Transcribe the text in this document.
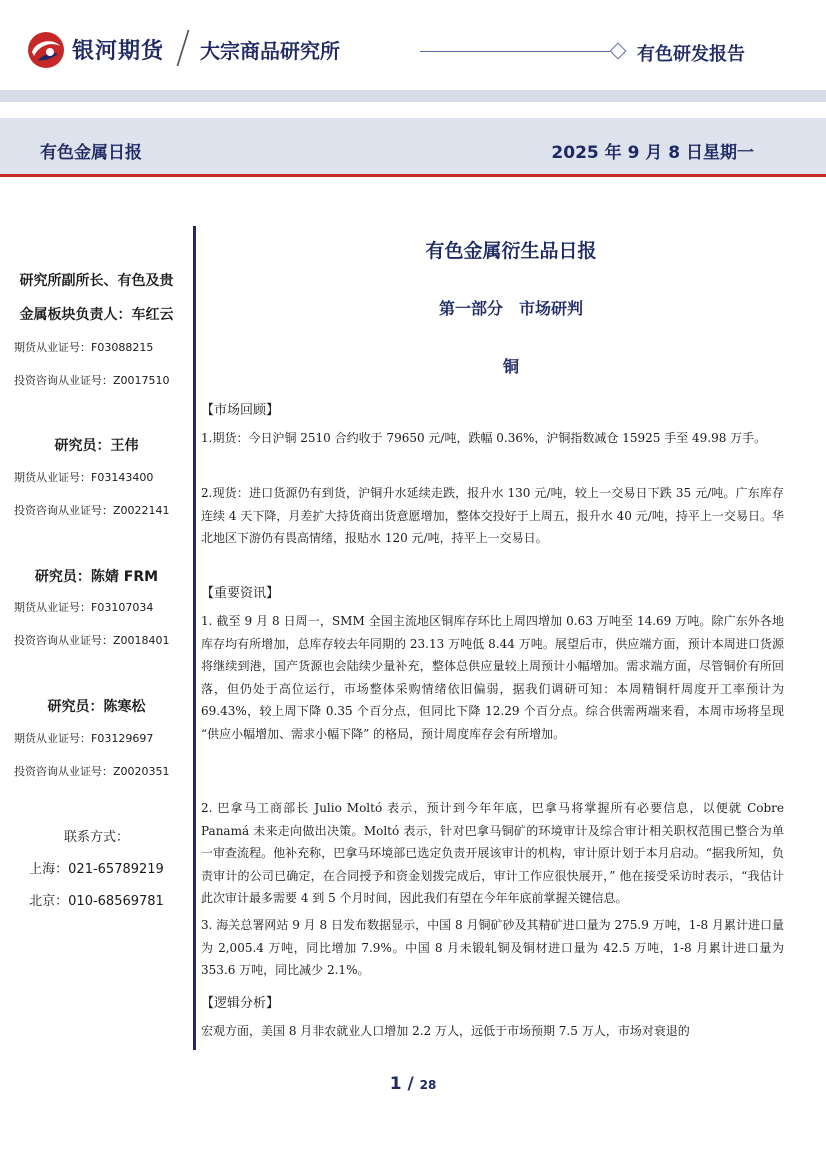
银河期货 大宗商品研究所	有色研发报告
有色金属日报	2025 年 9 月 8 日星期一
研究所副所长、有色及贵
金属板块负责人：车红云
期货从业证号：F03088215
投资咨询从业证号：Z0017510
研究员：王伟
期货从业证号：F03143400
投资咨询从业证号：Z0022141
研究员：陈婧 FRM
期货从业证号：F03107034
投资咨询从业证号：Z0018401
研究员：陈寒松
期货从业证号：F03129697
投资咨询从业证号：Z0020351
联系方式：
上海：021-65789219
北京：010-68569781
有色金属衍生品日报
第一部分　市场研判
铜
【市场回顾】
1.期货：今日沪铜 2510 合约收于 79650 元/吨，跌幅 0.36%，沪铜指数减仓 15925 手至 49.98 万手。
2.现货：进口货源仍有到货，沪铜升水延续走跌，报升水 130 元/吨，较上一交易日下跌 35 元/吨。广东库存连续 4 天下降，月差扩大持货商出货意愿增加，整体交投好于上周五，报升水 40 元/吨，持平上一交易日。华北地区下游仍有畏高情绪，报贴水 120 元/吨，持平上一交易日。
【重要资讯】
1. 截至 9 月 8 日周一，SMM 全国主流地区铜库存环比上周四增加 0.63 万吨至 14.69 万吨。除广东外各地库存均有所增加，总库存较去年同期的 23.13 万吨低 8.44 万吨。展望后市，供应端方面，预计本周进口货源将继续到港，国产货源也会陆续少量补充，整体总供应量较上周预计小幅增加。需求端方面，尽管铜价有所回落，但仍处于高位运行，市场整体采购情绪依旧偏弱，据我们调研可知：本周精铜杆周度开工率预计为 69.43%，较上周下降 0.35 个百分点，但同比下降 12.29 个百分点。综合供需两端来看，本周市场将呈现 “供应小幅增加、需求小幅下降” 的格局，预计周度库存会有所增加。
2. 巴拿马工商部长 Julio Moltó 表示，预计到今年年底，巴拿马将掌握所有必要信息，以便就 Cobre Panamá 未来走向做出决策。Moltó 表示，针对巴拿马铜矿的环境审计及综合审计相关职权范围已整合为单一审查流程。他补充称，巴拿马环境部已选定负责开展该审计的机构，审计原计划于本月启动。“据我所知，负责审计的公司已确定，在合同授予和资金划拨完成后，审计工作应很快展开，” 他在接受采访时表示，“我估计此次审计最多需要 4 到 5 个月时间，因此我们有望在今年年底前掌握关键信息。
3. 海关总署网站 9 月 8 日发布数据显示，中国 8 月铜矿砂及其精矿进口量为 275.9 万吨，1-8 月累计进口量为 2,005.4 万吨，同比增加 7.9%。中国 8 月未锻轧铜及铜材进口量为 42.5 万吨，1-8 月累计进口量为 353.6 万吨，同比减少 2.1%。
【逻辑分析】
宏观方面，美国 8 月非农就业人口增加 2.2 万人，远低于市场预期 7.5 万人，市场对衰退的
1 / 28
